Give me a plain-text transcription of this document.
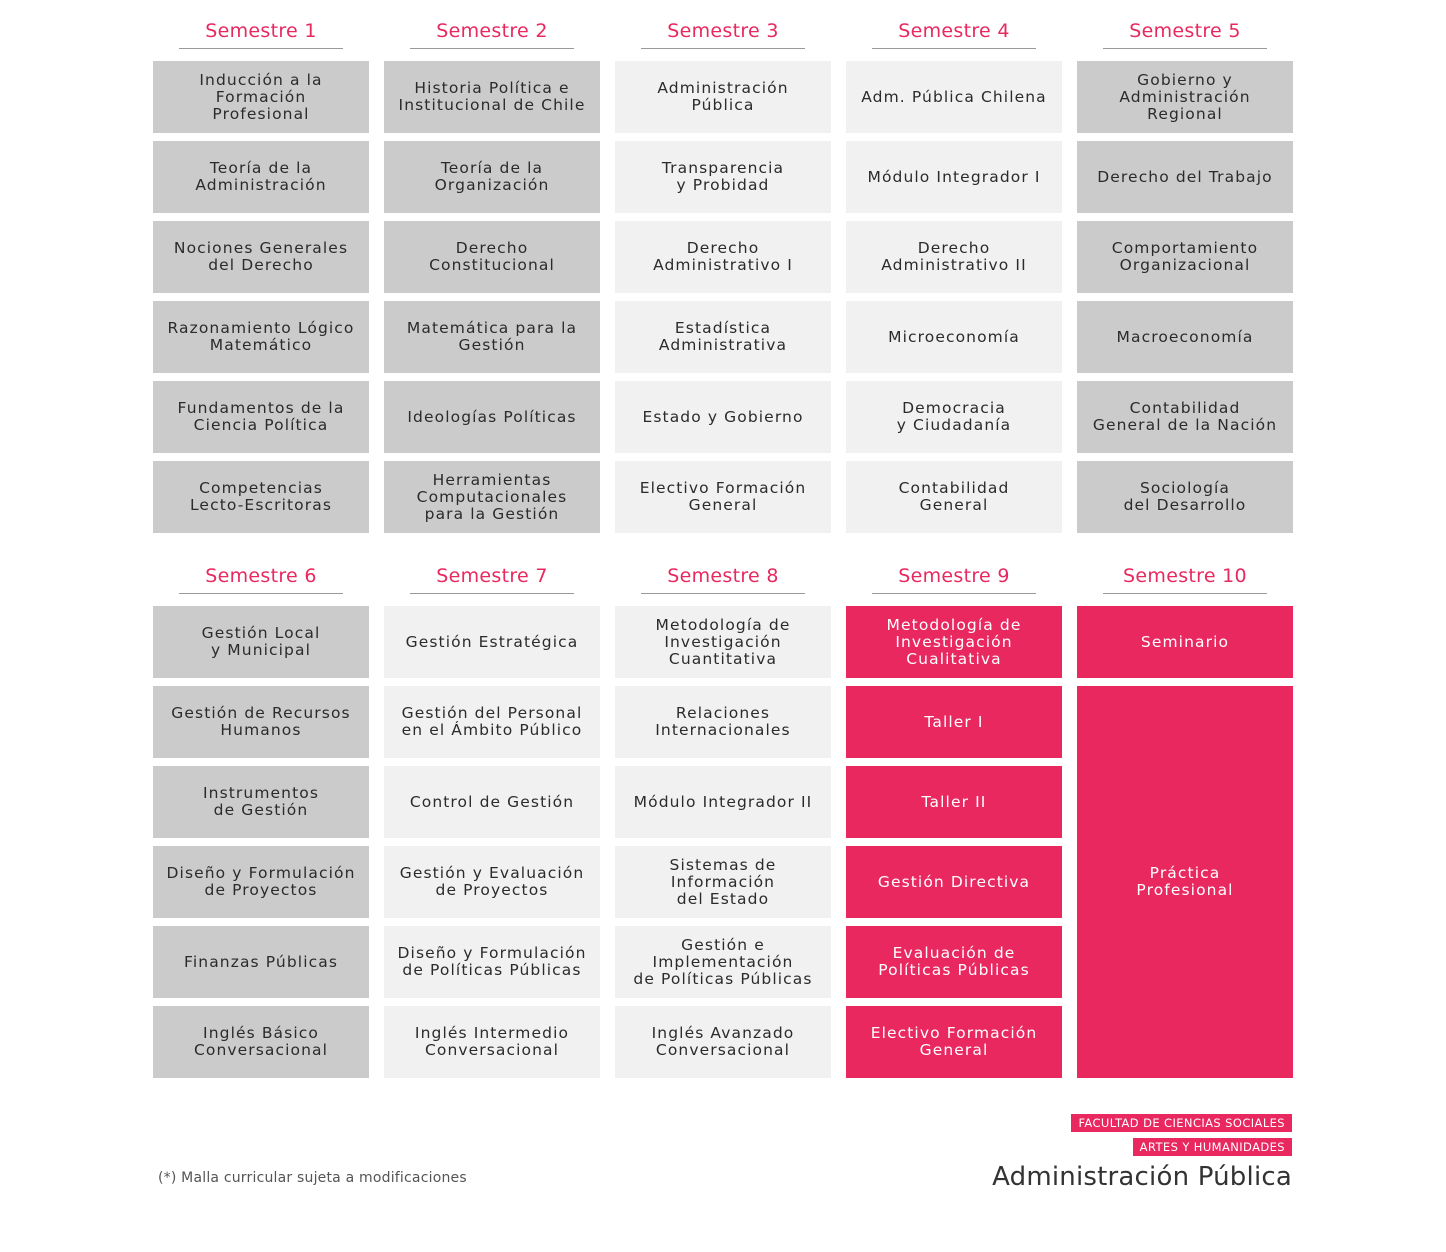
Semestre 1
Inducción a la
Formación
Profesional
Teoría de la
Administración
Nociones Generales
del Derecho
Razonamiento Lógico
Matemático
Fundamentos de la
Ciencia Política
Competencias
Lecto-Escritoras
Semestre 2
Historia Política e
Institucional de Chile
Teoría de la
Organización
Derecho
Constitucional
Matemática para la
Gestión
Ideologías Políticas
Herramientas
Computacionales
para la Gestión
Semestre 3
Administración
Pública
Transparencia
y Probidad
Derecho
Administrativo I
Estadística
Administrativa
Estado y Gobierno
Electivo Formación
General
Semestre 4
Adm. Pública Chilena
Módulo Integrador I
Derecho
Administrativo II
Microeconomía
Democracia
y Ciudadanía
Contabilidad
General
Semestre 5
Gobierno y
Administración
Regional
Derecho del Trabajo
Comportamiento
Organizacional
Macroeconomía
Contabilidad
General de la Nación
Sociología
del Desarrollo
Semestre 6
Gestión Local
y Municipal
Gestión de Recursos
Humanos
Instrumentos
de Gestión
Diseño y Formulación
de Proyectos
Finanzas Públicas
Inglés Básico
Conversacional
Semestre 7
Gestión Estratégica
Gestión del Personal
en el Ámbito Público
Control de Gestión
Gestión y Evaluación
de Proyectos
Diseño y Formulación
de Políticas Públicas
Inglés Intermedio
Conversacional
Semestre 8
Metodología de
Investigación
Cuantitativa
Relaciones
Internacionales
Módulo Integrador II
Sistemas de
Información
del Estado
Gestión e
Implementación
de Políticas Públicas
Inglés Avanzado
Conversacional
Semestre 9
Metodología de
Investigación
Cualitativa
Taller I
Taller II
Gestión Directiva
Evaluación de
Políticas Públicas
Electivo Formación
General
Semestre 10
Seminario
Práctica
Profesional
(*) Malla curricular sujeta a modificaciones
FACULTAD DE CIENCIAS SOCIALES
ARTES Y HUMANIDADES
Administración Pública
